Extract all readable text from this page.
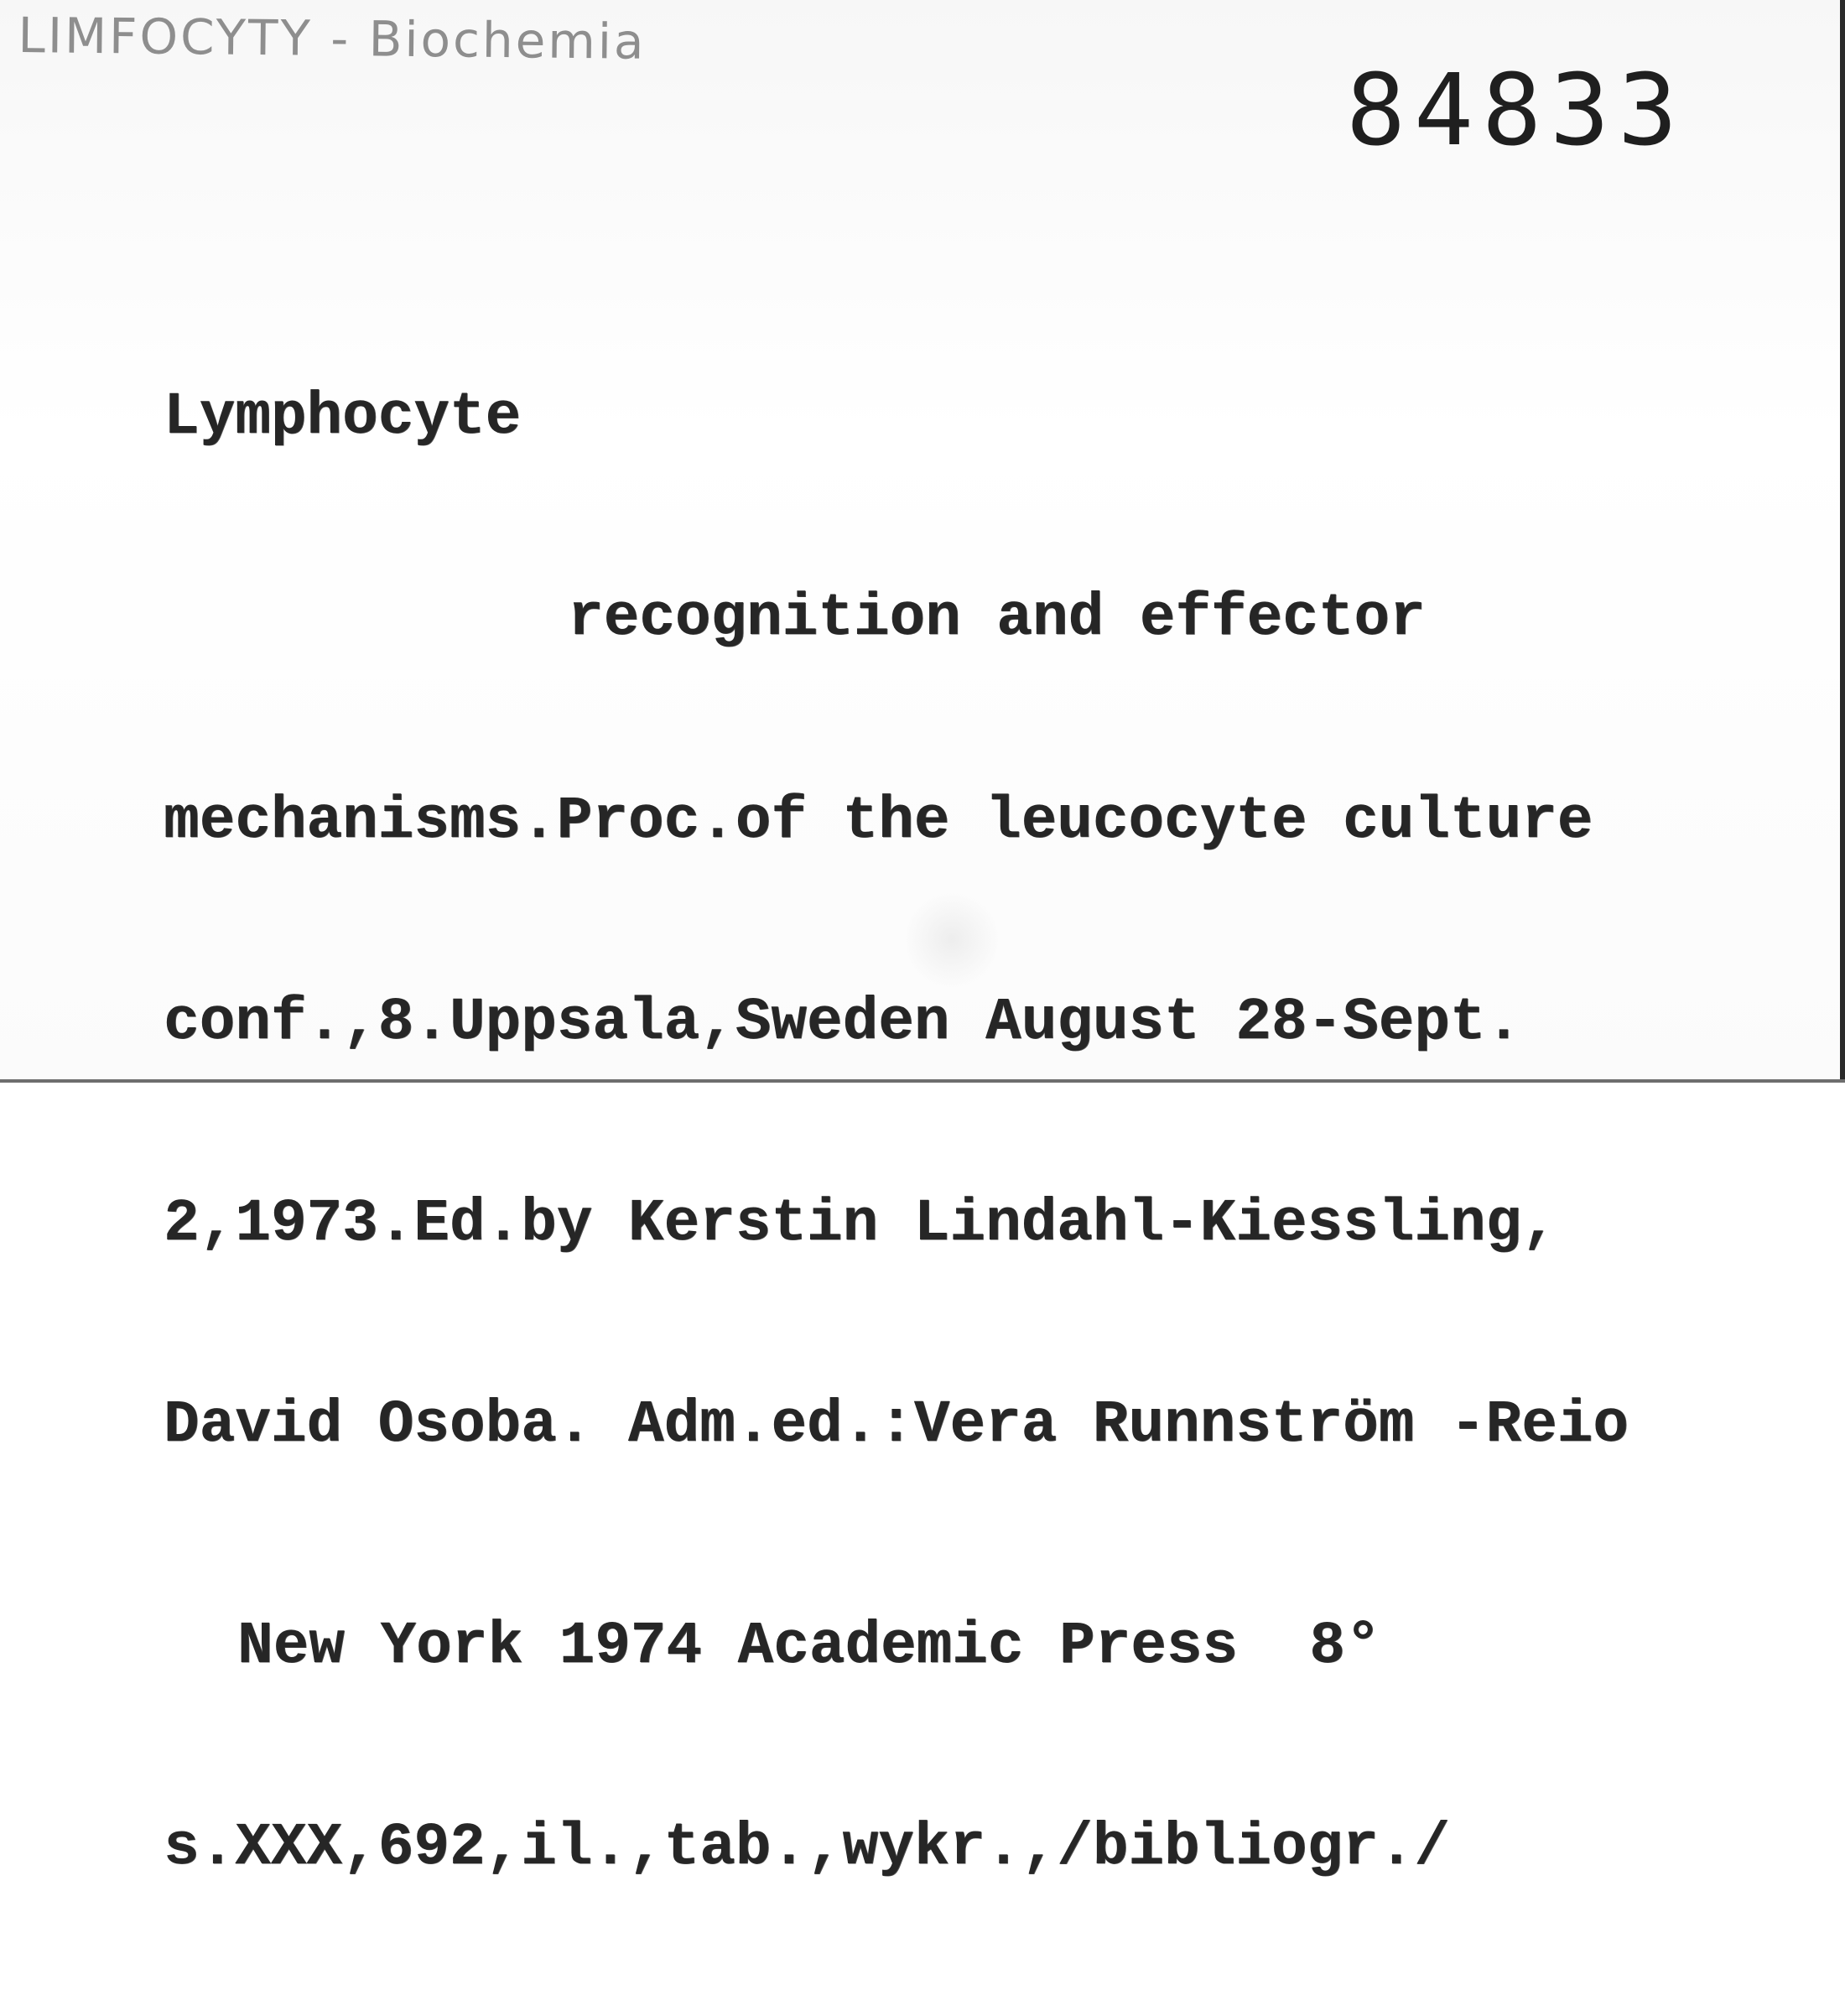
LIMFOCYTY - Biochemia
84833

Lymphocyte

recognition and effector

mechanisms.Proc.of the leucocyte culture

conf.,8.Uppsala,Sweden August 28-Sept.

2,1973.Ed.by Kerstin Lindahl-Kiessling,

David Osoba. Adm.ed.:Vera Runnström -Reio

New York 1974 Academic Press  8°

s.XXX,692,il.,tab.,wykr.,/bibliogr./
